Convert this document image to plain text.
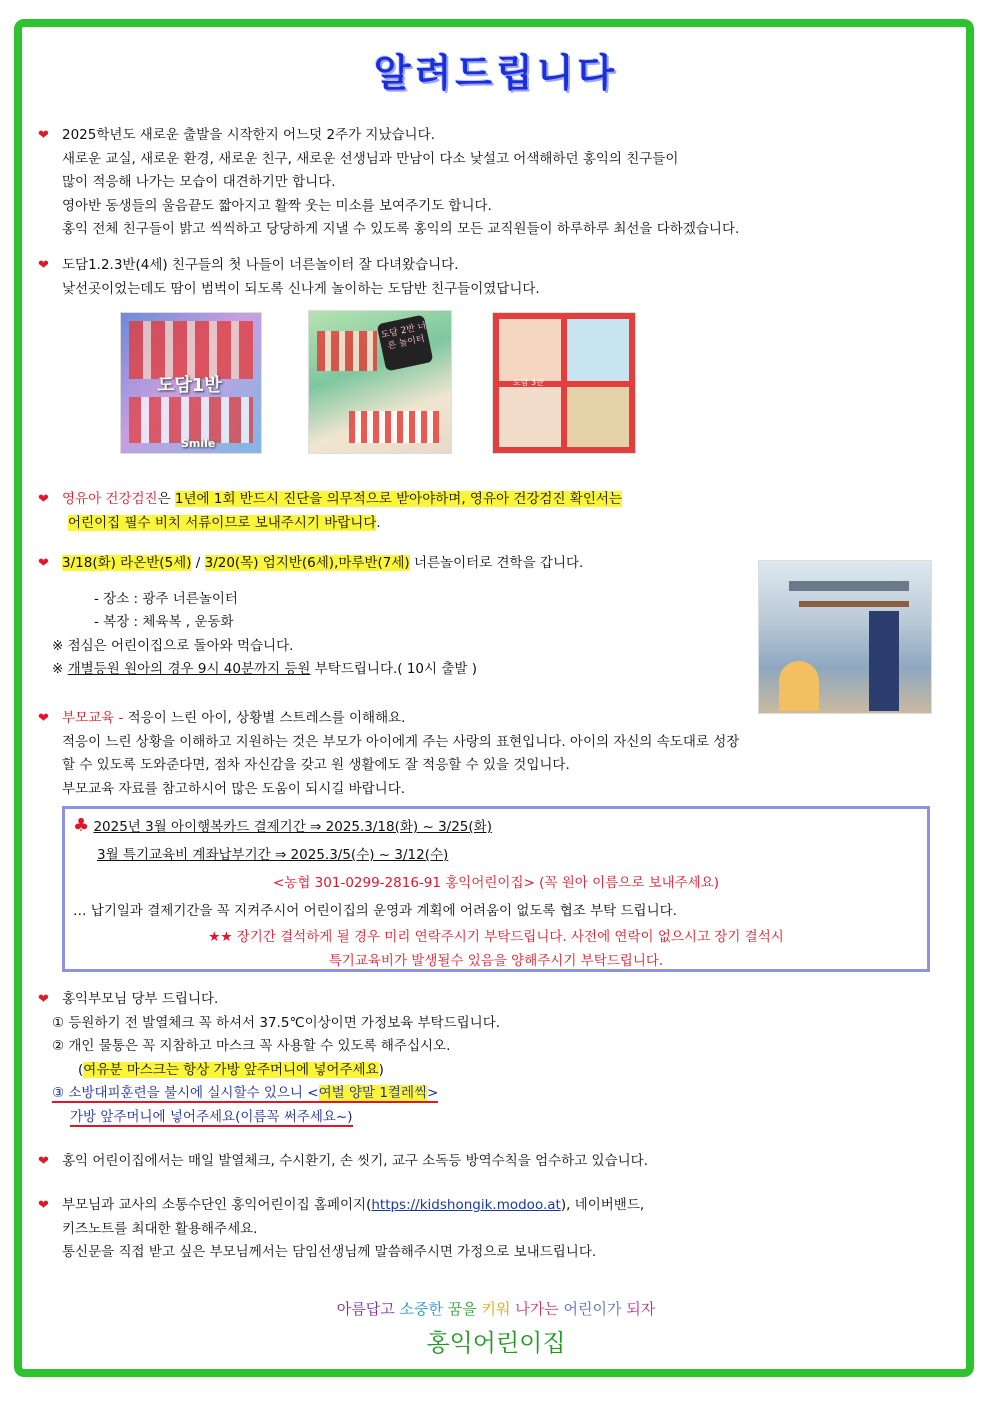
알려드립니다
❤ 2025학년도 새로운 출발을 시작한지 어느덧 2주가 지났습니다.
새로운 교실, 새로운 환경, 새로운 친구, 새로운 선생님과 만남이 다소 낯설고 어색해하던 홍익의 친구들이
많이 적응해 나가는 모습이 대견하기만 합니다.
영아반 동생들의 울음끝도 짧아지고 활짝 웃는 미소를 보여주기도 합니다.
홍익 전체 친구들이 밝고 씩씩하고 당당하게 지낼 수 있도록 홍익의 모든 교직원들이 하루하루 최선을 다하겠습니다.
❤ 도담1.2.3반(4세) 친구들의 첫 나들이 너른놀이터 잘 다녀왔습니다.
낯선곳이었는데도 땀이 범벅이 되도록 신나게 놀이하는 도담반 친구들이였답니다.
도담1반
Smile
도담 2반 너른 놀이터
도담 3반
❤ 영유아 건강검진은 1년에 1회 반드시 진단을 의무적으로 받아야하며, 영유아 건강검진 확인서는
어린이집 필수 비치 서류이므로 보내주시기 바랍니다.
❤ 3/18(화) 라온반(5세) / 3/20(목) 엄지반(6세),마루반(7세) 너른놀이터로 견학을 갑니다.
- 장소 : 광주 너른놀이터
- 복장 : 체육복 , 운동화
※ 점심은 어린이집으로 돌아와 먹습니다.
※ 개별등원 원아의 경우 9시 40분까지 등원 부탁드립니다.( 10시 출발 )
❤ 부모교육 - 적응이 느린 아이, 상황별 스트레스를 이해해요.
적응이 느린 상황을 이해하고 지원하는 것은 부모가 아이에게 주는 사랑의 표현입니다. 아이의 자신의 속도대로 성장
할 수 있도록 도와준다면, 점차 자신감을 갖고 원 생활에도 잘 적응할 수 있을 것입니다.
부모교육 자료를 참고하시어 많은 도움이 되시길 바랍니다.
♣ 2025년 3월 아이행복카드 결제기간 ⇒ 2025.3/18(화) ~ 3/25(화)
3월 특기교육비 계좌납부기간 ⇒ 2025.3/5(수) ~ 3/12(수)
<농협 301-0299-2816-91 홍익어린이집> (꼭 원아 이름으로 보내주세요)
… 납기일과 결제기간을 꼭 지켜주시어 어린이집의 운영과 계획에 어려움이 없도록 협조 부탁 드립니다.
★★ 장기간 결석하게 될 경우 미리 연락주시기 부탁드립니다. 사전에 연락이 없으시고 장기 결석시
특기교육비가 발생될수 있음을 양해주시기 부탁드립니다.
❤ 홍익부모님 당부 드립니다.
① 등원하기 전 발열체크 꼭 하셔서 37.5℃이상이면 가정보육 부탁드립니다.
② 개인 물통은 꼭 지참하고 마스크 꼭 사용할 수 있도록 해주십시오.
(여유분 마스크는 항상 가방 앞주머니에 넣어주세요)
③ 소방대피훈련을 불시에 실시할수 있으니 <여벌 양말 1켤레씩>
가방 앞주머니에 넣어주세요(이름꼭 써주세요~)
❤ 홍익 어린이집에서는 매일 발열체크, 수시환기, 손 씻기, 교구 소독등 방역수칙을 엄수하고 있습니다.
❤ 부모님과 교사의 소통수단인 홍익어린이집 홈페이지(https://kidshongik.modoo.at), 네이버밴드,
키즈노트를 최대한 활용해주세요.
통신문을 직접 받고 싶은 부모님께서는 담임선생님께 말씀해주시면 가정으로 보내드립니다.
아름답고 소중한 꿈을 키워 나가는 어린이가 되자
홍익어린이집
